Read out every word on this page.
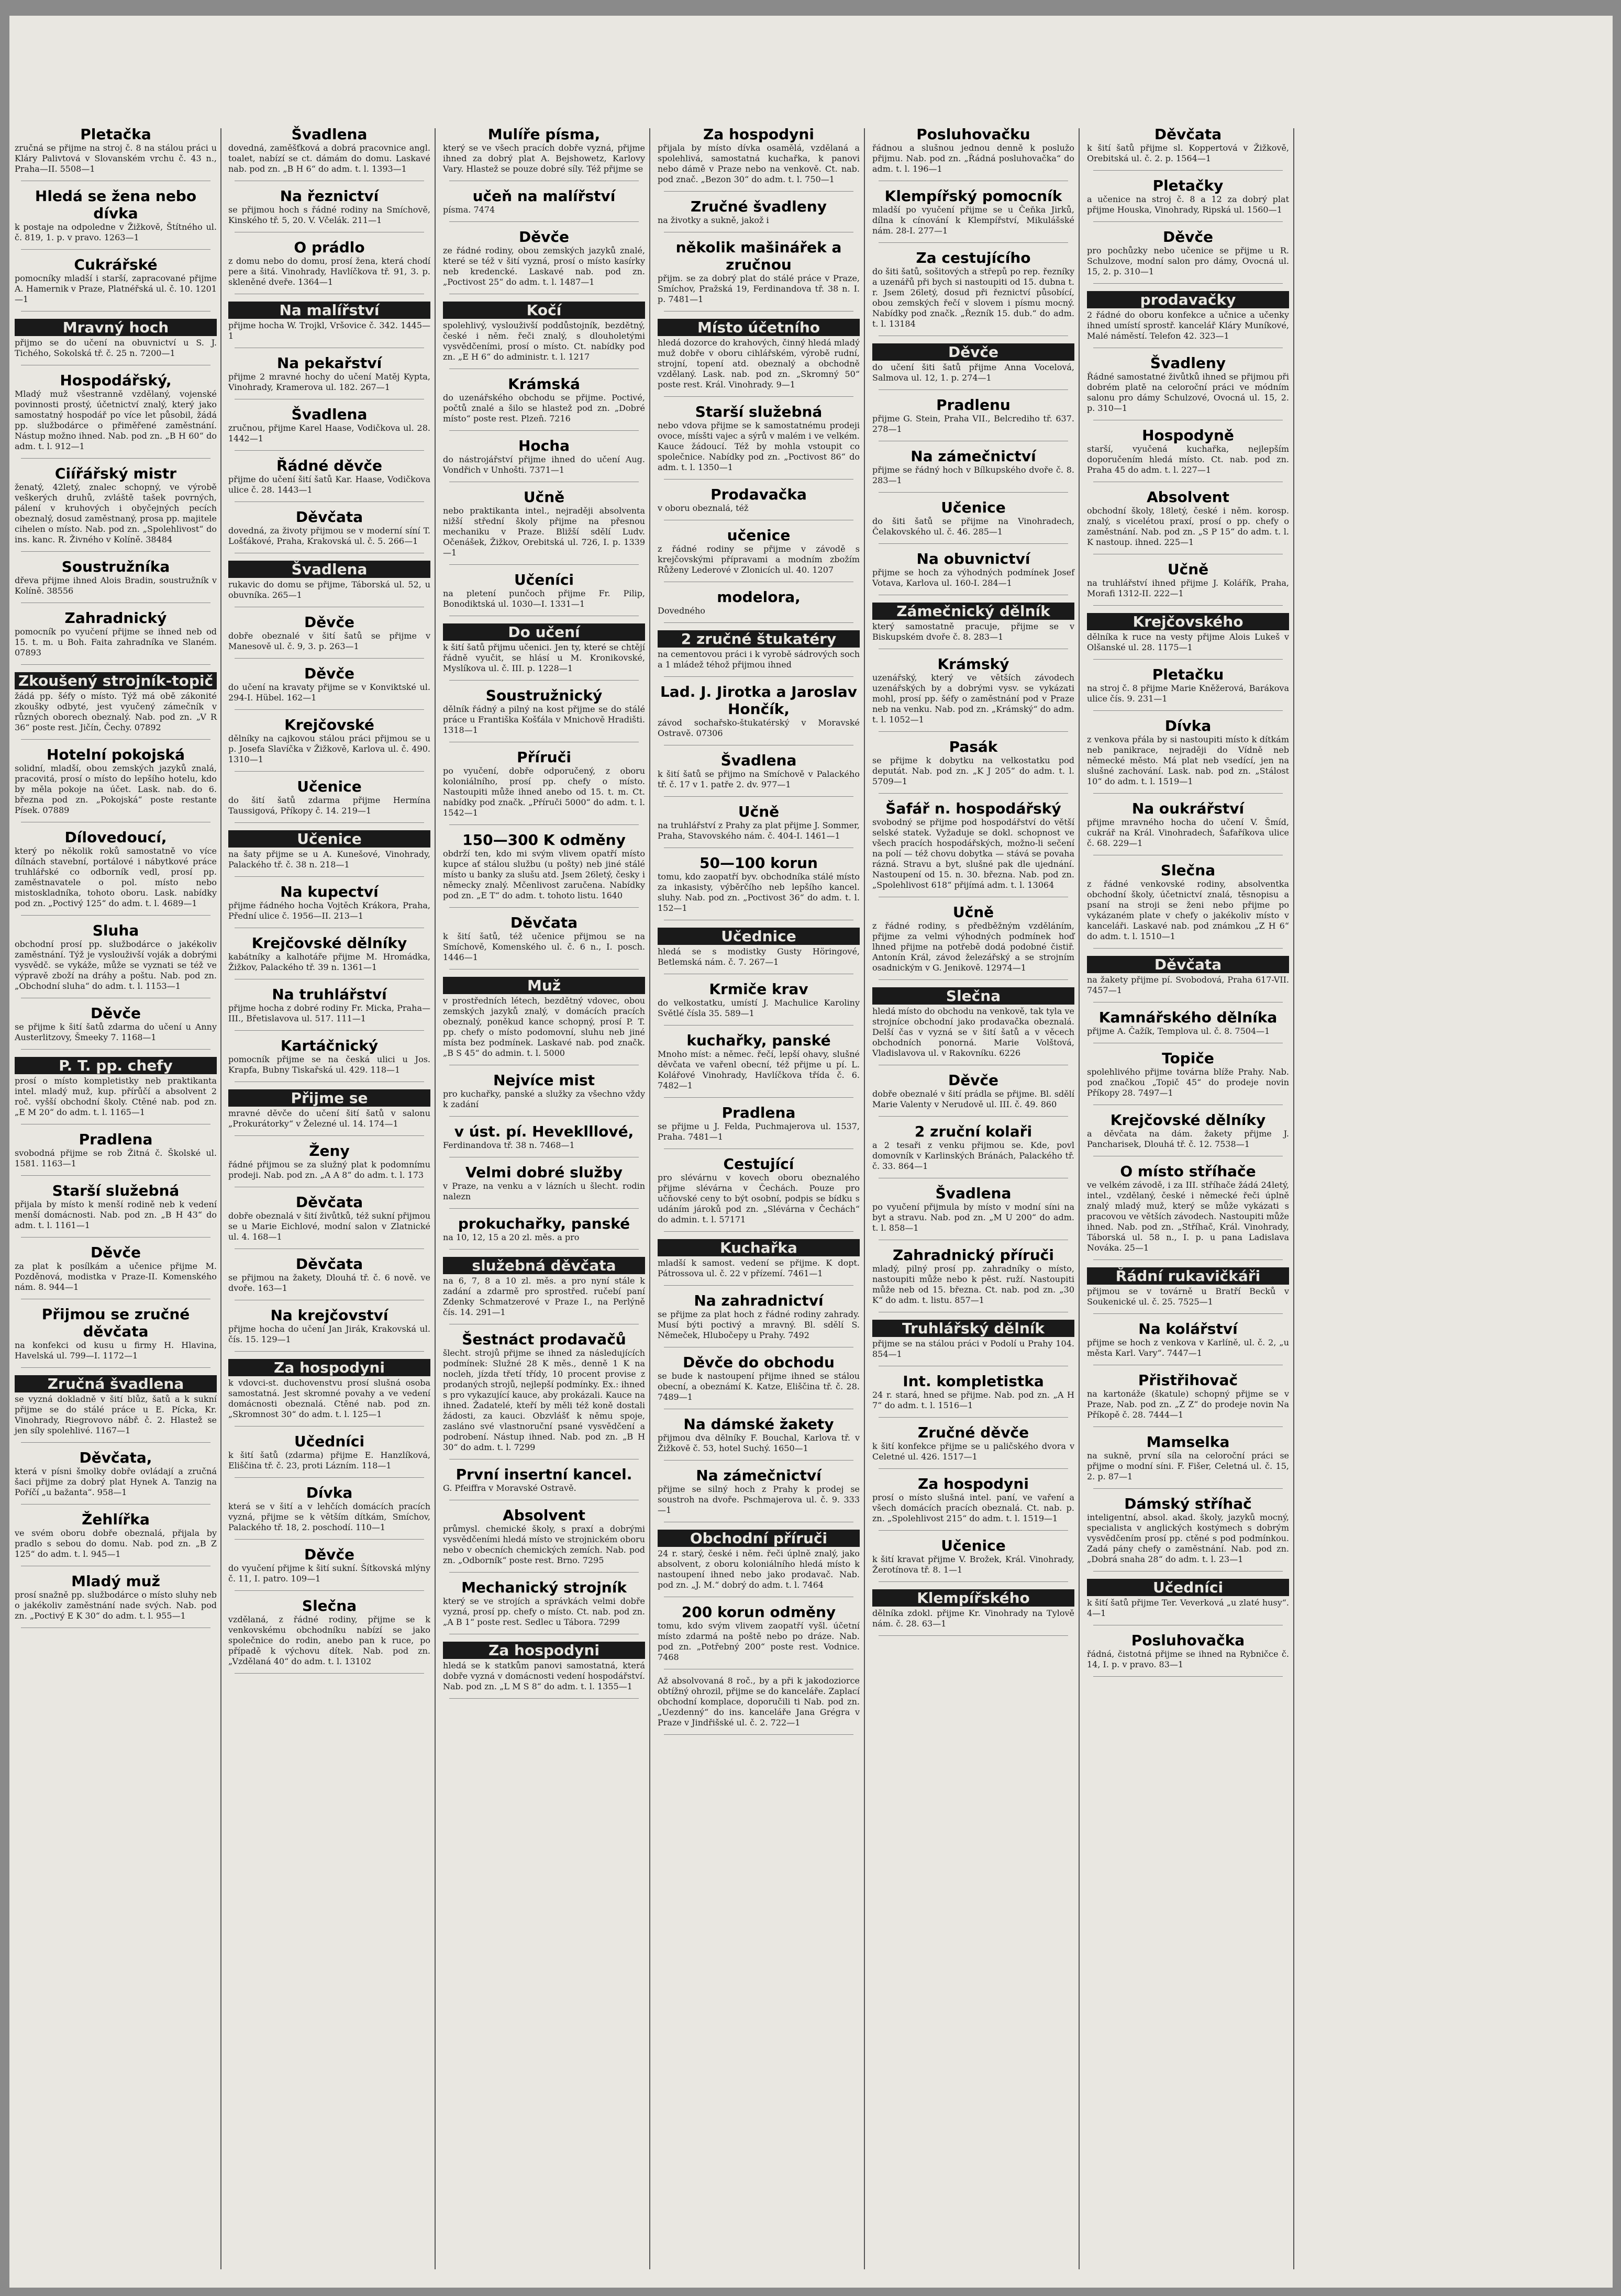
Pletačka
zručná se přijme na stroj č. 8 na stálou práci u Kláry Palivtová v Slovanském vrchu č. 43 n., Praha—II. 5508—1

Hledá se žena nebo dívka
k postaje na odpoledne v Žižkově, Štítného ul. č. 819, 1. p. v pravo. 1263—1

Cukrářské
pomocníky mladší i starší, zapracované přijme A. Hamernik v Praze, Platnéřská ul. č. 10. 1201—1

Mravný hoch
přijmo se do učení na obuvnictví u S. J. Tichého, Sokolská tř. č. 25 n. 7200—1

Hospodářský,
Mladý muž všestranně vzdělaný, vojenské povinnosti prostý, účetnictví znalý, který jako samostatný hospodář po více let působil, žádá pp. službodárce o přiměřené zaměstnání. Nástup možno ihned. Nab. pod zn. „B H 60“ do adm. t. l. 912—1

Ciířářský mistr
ženatý, 42letý, znalec schopný, ve výrobě veškerých druhů, zvláště tašek povrných, pálení v kruhových i obyčejných pecích obeznalý, dosud zaměstnaný, prosa pp. majitele cihelen o místo. Nab. pod zn. „Spolehlivost“ do ins. kanc. R. Živného v Kolíně. 38484

Soustružníka
dřeva přijme ihned Alois Bradin, soustružník v Kolíně. 38556

Zahradnický
pomocník po vyučení přijme se ihned neb od 15. t. m. u Boh. Faita zahradníka ve Slaném. 07893

Zkoušený strojník-topič
žádá pp. šéfy o místo. Týž má obě zákonité zkoušky odbyté, jest vyučený zámečník v různých oborech obeznalý. Nab. pod zn. „V R 36“ poste rest. Jičín, Čechy. 07892

Hotelní pokojská
solidní, mladší, obou zemských jazyků znalá, pracovitá, prosí o místo do lepšího hotelu, kdo by měla pokoje na účet. Lask. nab. do 6. března pod zn. „Pokojská“ poste restante Písek. 07889

Dílovedoucí,
který po několik roků samostatně vo více dílnách stavební, portálové i nábytkové práce truhlářské co odborník vedl, prosí pp. zaměstnavatele o pol. místo nebo mistoskladníka, tohoto oboru. Lask. nabídky pod zn. „Poctivý 125“ do adm. t. l. 4689—1

Sluha
obchodní prosí pp. službodárce o jakékoliv zaměstnání. Týž je vyslouživší voják a dobrými vysvědč. se vykáže, může se vyznati se též ve výpravě zboží na dráhy a poštu. Nab. pod zn. „Obchodní sluha“ do adm. t. l. 1153—1

Děvče
se přijme k šití šatů zdarma do učení u Anny Austerlitzovy, Šmeeky 7. 1168—1

P. T. pp. chefy
prosí o místo kompletistky neb praktikanta intel. mladý muž, kup. přírůčí a absolvent 2 roč. vyšší obchodní školy. Ctěné nab. pod zn. „E M 20“ do adm. t. l. 1165—1

Pradlena
svobodná přijme se rob Žitná č. Školské ul. 1581. 1163—1

Starší služebná
přijala by místo k menší rodině neb k vedení menší domácnosti. Nab. pod zn. „B H 43“ do adm. t. l. 1161—1

Děvče
za plat k posílkám a učenice přijme M. Pozděnová, modistka v Praze-II. Komenského nám. 8. 944—1

Přijmou se zručné děvčata
na konfekci od kusu u firmy H. Hlavina, Havelská ul. 799—I. 1172—1

Zručná švadlena
se vyzná dokladně v šití blůz, šatů a k sukní přijme se do stálé práce u E. Pícka, Kr. Vinohrady, Riegrovovo nábř. č. 2. Hlastež se jen síly spolehlivé. 1167—1

Děvčata,
která v písni šmolky dobře ovládají a zručná šaci přijme za dobrý plat Hynek A. Tanzig na Poříčí „u bažanta“. 958—1

Žehlířka
ve svém oboru dobře obeznalá, přijala by pradlo s sebou do domu. Nab. pod zn. „B Z 125“ do adm. t. l. 945—1

Mladý muž
prosí snažně pp. službodárce o místo sluhy neb o jakékoliv zaměstnání nade svých. Nab. pod zn. „Poctivý E K 30“ do adm. t. l. 955—1

Švadlena
dovedná, zaměšťková a dobrá pracovnice angl. toalet, nabízí se ct. dámám do domu. Laskavé nab. pod zn. „B H 6“ do adm. t. l. 1393—1

Na řeznictví
se přijmou hoch s řádné rodiny na Smíchově, Kinského tř. 5, 20. V. Včelák. 211—1

O prádlo
z domu nebo do domu, prosí žena, která chodí pere a šitá. Vinohrady, Havlíčkova tř. 91, 3. p. skleněné dveře. 1364—1

Na malířství
přijme hocha W. Trojkl, Vršovice č. 342. 1445—1

Na pekařství
přijme 2 mravné hochy do učení Matěj Kypta, Vinohrady, Kramerova ul. 182. 267—1

Švadlena
zručnou, přijme Karel Haase, Vodičkova ul. 28. 1442—1

Řádné děvče
přijme do učení šití šatů Kar. Haase, Vodičkova ulice č. 28. 1443—1

Děvčata
dovedná, za životy přijmou se v moderní síní T. Lošťákové, Praha, Krakovská ul. č. 5. 266—1

Švadlena
rukavic do domu se přijme, Táborská ul. 52, u obuvníka. 265—1

Děvče
dobře obeznalé v šití šatů se přijme v Manesově ul. č. 9, 3. p. 263—1

Děvče
do učení na kravaty přijme se v Konviktské ul. 294-I. Hübel. 162—1

Krejčovské
dělníky na cajkovou stálou práci přijmou se u p. Josefa Slavíčka v Žižkově, Karlova ul. č. 490. 1310—1

Učenice
do šití šatů zdarma přijme Hermína Taussigová, Příkopy č. 14. 219—1

Učenice
na šaty přijme se u A. Kunešové, Vinohrady, Palackého tř. č. 38 n. 218—1

Na kupectví
přijme řádného hocha Vojtěch Krákora, Praha, Přední ulice č. 1956—II. 213—1

Krejčovské dělníky
kabátníky a kalhotáře přijme M. Hromádka, Žižkov, Palackého tř. 39 n. 1361—1

Na truhlářství
přijme hocha z dobré rodiny Fr. Micka, Praha—III., Břetislavova ul. 517. 111—1

Kartáčnický
pomocník přijme se na česká ulici u Jos. Krapfa, Bubny Tiskařská ul. 429. 118—1

Přijme se
mravné děvče do učení šití šatů v salonu „Prokurátorky“ v Železné ul. 14. 174—1

Ženy
řádné přijmou se za služný plat k podomnímu prodeji. Nab. pod zn. „A A 8“ do adm. t. l. 173

Děvčata
dobře obeznalá v šití živůtků, též sukní přijmou se u Marie Eichlové, modní salon v Zlatnické ul. 4. 168—1

Děvčata
se přijmou na žakety, Dlouhá tř. č. 6 nově. ve dvoře. 163—1

Na krejčovství
přijme hocha do učení Jan Jirák, Krakovská ul. čís. 15. 129—1

Za hospodyni
k vdovci-st. duchovenstvu prosí slušná osoba samostatná. Jest skromné povahy a ve vedení domácnosti obeznalá. Ctěné nab. pod zn. „Skromnost 30“ do adm. t. l. 125—1

Učedníci
k šití šatů (zdarma) přijme E. Hanzlíková, Eliščina tř. č. 23, proti Lázním. 118—1

Dívka
která se v šití a v lehčích domácích pracích vyzná, přijme se k větším dítkám, Smíchov, Palackého tř. 18, 2. poschodí. 110—1

Děvče
do vyučení přijme k šití sukní. Šítkovská mlýny č. 11, I. patro. 109—1

Slečna
vzdělaná, z řádné rodiny, přijme se k venkovskému obchodníku nabízí se jako společnice do rodin, anebo pan k ruce, po případě k výchovu dítek. Nab. pod zn. „Vzdělaná 40“ do adm. t. l. 13102

Mulíře písma,
který se ve všech pracích dobře vyzná, přijme ihned za dobrý plat A. Bejshowetz, Karlovy Vary. Hlastež se pouze dobré síly. Též přijme se

učeň na malířství
písma. 7474

Děvče
ze řádné rodiny, obou zemských jazyků znalé, které se též v šití vyzná, prosí o místo kasírky neb kredencké. Laskavé nab. pod zn. „Poctivost 25“ do adm. t. l. 1487—1

Kočí
spolehlivý, vyslouživší poddůstojník, bezdětný, české i něm. řeči znalý, s dlouholetými vysvědčeními, prosí o místo. Ct. nabídky pod zn. „E H 6“ do administr. t. l. 1217

Krámská
do uzenářského obchodu se přijme. Poctivé, počtů znalé a šilo se hlastež pod zn. „Dobré místo“ poste rest. Plzeň. 7216

Hocha
do nástrojářství přijme ihned do učení Aug. Vondřich v Unhošti. 7371—1

Učně
nebo praktikanta intel., nejraději absolventa nižší střední školy přijme na přesnou mechaniku v Praze. Bližší sdělí Ludv. Očenášek, Žižkov, Orebitská ul. 726, I. p. 1339—1

Učeníci
na pletení punčoch přijme Fr. Pilip, Bonodiktská ul. 1030—I. 1331—1

Do učení
k šití šatů přijmu učenici. Jen ty, které se chtějí řádně vyučit, se hlásí u M. Kronikovské, Myslíkova ul. č. III. p. 1228—1

Soustružnický
dělník řádný a pilný na kost přijme se do stálé práce u Františka Košťála v Mnichově Hradišti. 1318—1

Příruči
po vyučení, dobře odporučený, z oboru koloniálního, prosí pp. chefy o místo. Nastoupiti může ihned anebo od 15. t. m. Ct. nabídky pod značk. „Příruči 5000“ do adm. t. l. 1542—1

150—300 K odměny
obdrží ten, kdo mi svým vlivem opatří místo kupce ať stálou službu (u pošty) neb jiné stálé místo u banky za slušu atd. Jsem 26letý, česky i německy znalý. Mčenlivost zaručena. Nabídky pod zn. „E T“ do adm. t. tohoto listu. 1640

Děvčata
k šití šatů, též učenice přijmou se na Smíchově, Komenského ul. č. 6 n., I. posch. 1446—1

Muž
v prostředních létech, bezdětný vdovec, obou zemských jazyků znalý, v domácích pracích obeznalý, poněkud kance schopný, prosí P. T. pp. chefy o místo podomovní, sluhu neb jiné místa bez podmínek. Laskavé nab. pod značk. „B S 45“ do admin. t. l. 5000

Nejvíce mist
pro kuchařky, panské a služky za všechno vždy k zadání

v úst. pí. Heveklllové,
Ferdinandova tř. 38 n. 7468—1

Velmi dobré služby
v Praze, na venku a v lázních u šlecht. rodin nalezn

prokuchařky, panské
na 10, 12, 15 a 20 zl. měs. a pro

služebná děvčata
na 6, 7, 8 a 10 zl. měs. a pro nyní stále k zadání a zdarmě pro sprostřed. ručebí paní Zdenky Schmatzerové v Praze I., na Perlýně čís. 14. 291—1

Šestnáct prodavačů
šlecht. strojů přijme se ihned za následujících podmínek: Služné 28 K měs., denně 1 K na nocleh, jízda třetí třídy, 10 procent provise z prodaných strojů, nejlepší podmínky. Ex.: ihned s pro vykazující kauce, aby prokázali. Kauce na ihned. Žadatelé, kteří by měli též koně dostali žádosti, za kauci. Obzvlášť k němu spoje, zasláno své vlastnoruční psané vysvědčení a podrobení. Nástup ihned. Nab. pod zn. „B H 30“ do adm. t. l. 7299

První insertní kancel.
G. Pfeiffra v Moravské Ostravě.

Absolvent
průmysl. chemické školy, s praxí a dobrými vysvědčeními hledá místo ve strojnickém oboru nebo v obecních chemických zemích. Nab. pod zn. „Odborník“ poste rest. Brno. 7295

Mechanický strojník
který se ve strojích a správkách velmi dobře vyzná, prosí pp. chefy o místo. Ct. nab. pod zn. „A B 1“ poste rest. Sedlec u Tábora. 7299

Za hospodyni
hledá se k statkům panovi samostatná, která dobře vyzná v domácnosti vedení hospodářství. Nab. pod zn. „L M S 8“ do adm. t. l. 1355—1

Za hospodyni
přijala by místo dívka osamělá, vzdělaná a spolehlivá, samostatná kuchařka, k panovi nebo dámě v Praze nebo na venkově. Ct. nab. pod znač. „Bezon 30“ do adm. t. l. 750—1

Zručné švadleny
na životky a sukně, jakož i

několik mašinářek a zručnou
přijm. se za dobrý plat do stálé práce v Praze, Smíchov, Pražská 19, Ferdinandova tř. 38 n. I. p. 7481—1

Místo účetního
hledá dozorce do krahových, činný hledá mladý muž dobře v oboru cihlářském, výrobě rudní, strojní, topení atd. obeznalý a obchodně vzdělaný. Lask. nab. pod zn. „Skromný 50“ poste rest. Král. Vinohrady. 9—1

Starší služebná
nebo vdova přijme se k samostatnému prodeji ovoce, mísšti vajec a sýrů v malém i ve velkém. Kauce žádoucí. Též by mohla vstoupit co společnice. Nabídky pod zn. „Poctivost 86“ do adm. t. l. 1350—1

Prodavačka
v oboru obeznalá, též

učenice
z řádné rodiny se přijme v závodě s krejčovskými přípravami a modním zbožím Růženy Lederové v Zlonicích ul. 40. 1207

modelora,
Dovedného

2 zručné štukatéry
na cementovou práci i k vyrobě sádrových soch a 1 mládež téhož přijmou ihned

Lad. J. Jirotka a Jaroslav Hončík,
závod sochařsko-štukatérský v Moravské Ostravě. 07306

Švadlena
k šití šatů se přijmo na Smíchově v Palackého tř. č. 17 v 1. patře 2. dv. 977—1

Učně
na truhlářství z Prahy za plat přijme J. Sommer, Praha, Stavovského nám. č. 404-I. 1461—1

50—100 korun
tomu, kdo zaopatří byv. obchodníka stálé místo za inkasisty, výběrčího neb lepšího kancel. sluhy. Nab. pod zn. „Poctivost 36“ do adm. t. l. 152—1

Učednice
hledá se s modistky Gusty Höringové, Betlemská nám. č. 7. 267—1

Krmiče krav
do velkostatku, umístí J. Machulice Karoliny Světlé čísla 35. 589—1

kuchařky, panské
Mnoho míst: a němec. řečí, lepší ohavy, slušné děvčata ve vařenl obecní, též přijme u pí. L. Kolářové Vinohrady, Havlíčkova třída č. 6. 7482—1

Pradlena
se přijme u J. Felda, Puchmajerova ul. 1537, Praha. 7481—1

Cestující
pro slévárnu v kovech oboru obeznalého přijme slévárna v Čechách. Pouze pro učňovské ceny to být osobní, podpis se bídku s udáním jároků pod zn. „Slévárna v Čechách“ do admin. t. l. 57171

Kuchařka
mladší k samost. vedení se přijme. K dopt. Pátrossova ul. č. 22 v přízemí. 7461—1

Na zahradnictví
se přijme za plat hoch z řádné rodiny zahrady. Musí býti poctivý a mravný. Bl. sdělí S. Němeček, Hlubočepy u Prahy. 7492

Děvče do obchodu
se bude k nastoupení přijme ihned se stálou obecní, a obeznámí K. Katze, Eliščina tř. č. 28. 7489—1

Na dámské žakety
přijmou dva dělníky F. Bouchal, Karlova tř. v Žižkově č. 53, hotel Suchý. 1650—1

Na zámečnictví
přijme se silný hoch z Prahy k prodej se soustroh na dvoře. Pschmajerova ul. č. 9. 333—1

Obchodní příruči
24 r. starý, české i něm. řeči úplně znalý, jako absolvent, z oboru koloniálního hledá místo k nastoupení ihned nebo jako prodavač. Nab. pod zn. „J. M.“ dobrý do adm. t. l. 7464

200 korun odměny
tomu, kdo svým vlivem zaopatří vyšl. účetní místo zdarmá na poště nebo po dráze. Nab. pod zn. „Potřebný 200“ poste rest. Vodnice. 7468

Až absolvovaná 8 roč., by a při k jakodoziorce obtížný ohrozil, přijme se do kanceláře. Zaplací obchodní komplace, doporučili ti Nab. pod zn. „Uezdenný“ do ins. kanceláře Jana Grégra v Praze v Jindřišské ul. č. 2. 722—1

Posluhovačku
řádnou a slušnou jednou denně k poslužo přijmu. Nab. pod zn. „Řádná posluhovačka“ do adm. t. l. 196—1

Klempířský pomocník
mladší po vyučení přijme se u Čeňka Jirků, dílna k cínování k Klempířství, Mikulášské nám. 28-I. 277—1

Za cestujícího
do šiti šatů, sošitových a střepů po rep. řezníky a uzenářů při bych si nastoupiti od 15. dubna t. r. Jsem 26letý, dosud při řeznictví působící, obou zemských řečí v slovem i písmu mocný. Nabídky pod značk. „Řezník 15. dub.“ do adm. t. l. 13184

Děvče
do učení šiti šatů přijme Anna Vocelová, Salmova ul. 12, 1. p. 274—1

Pradlenu
přijme G. Stein, Praha VII., Belcrediho tř. 637. 278—1

Na zámečnictví
přijme se řádný hoch v Bílkupského dvoře č. 8. 283—1

Učenice
do šiti šatů se přijme na Vinohradech, Čelakovského ul. č. 46. 285—1

Na obuvnictví
přijme se hoch za výhodných podmínek Josef Votava, Karlova ul. 160-I. 284—1

Zámečnický dělník
který samostatně pracuje, přijme se v Biskupském dvoře č. 8. 283—1

Krámský
uzenářský, který ve větších závodech uzenářských by a dobrými vysv. se vykázati mohl, prosí pp. šéfy o zaměstnání pod v Praze neb na venku. Nab. pod zn. „Krámský“ do adm. t. l. 1052—1

Pasák
se přijme k dobytku na velkostatku pod deputát. Nab. pod zn. „K J 205“ do adm. t. l. 5709—1

Šafář n. hospodářský
svobodný se přijme pod hospodářství do větší selské statek. Vyžaduje se dokl. schopnost ve všech pracích hospodářských, možno-li sečení na polí — též chovu dobytka — stává se povaha rázná. Stravu a byt, slušné pak dle ujednání. Nastoupení od 15. n. 30. března. Nab. pod zn. „Spolehlivost 618“ přijímá adm. t. l. 13064

Učně
z řádné rodiny, s předběžným vzděláním, přijme za velmi výhodných podmínek hoď lhned přijme na potřebě dodá podobné čistiř. Antonín Král, závod železářský a se strojním osadnickým v G. Jenikově. 12974—1

Slečna
hledá místo do obchodu na venkově, tak tyla ve strojníce obchodní jako prodavačka obeznalá. Delší čas v vyzná se v šití šatů a v věcech obchodních ponorná. Marie Volštová, Vladislavova ul. v Rakovníku. 6226

Děvče
dobře obeznalé v šití prádla se přijme. Bl. sdělí Marie Valenty v Nerudově ul. III. č. 49. 860

2 zruční kolaři
a 2 tesaři z venku přijmou se. Kde, povl domovník v Karlinských Bránách, Palackého tř. č. 33. 864—1

Švadlena
po vyučení přijmula by místo v modní síni na byt a stravu. Nab. pod zn. „M U 200“ do adm. t. l. 858—1

Zahradnický příruči
mladý, pilný prosí pp. zahradníky o místo, nastoupiti může nebo k pěst. ruží. Nastoupiti může neb od 15. března. Ct. nab. pod zn. „30 K“ do adm. t. listu. 857—1

Truhlářský dělník
přijme se na stálou práci v Podolí u Prahy 104. 854—1

Int. kompletistka
24 r. stará, hned se přijme. Nab. pod zn. „A H 7“ do adm. t. l. 1516—1

Zručné děvče
k šití konfekce přijme se u paličského dvora v Celetné ul. 426. 1517—1

Za hospodyni
prosí o místo slušná intel. paní, ve vaření a všech domácích pracích obeznalá. Ct. nab. p. zn. „Spolehlivost 215“ do adm. t. l. 1519—1

Učenice
k šití kravat přijme V. Brožek, Král. Vinohrady, Žerotínova tř. 8. 1—1

Klempířského
dělníka zdokl. přijme Kr. Vinohrady na Tylově nám. č. 28. 63—1

Děvčata
k šití šatů přijme sl. Koppertová v Žižkově, Orebitská ul. č. 2. p. 1564—1

Pletačky
a učenice na stroj č. 8 a 12 za dobrý plat přijme Houska, Vinohrady, Ripská ul. 1560—1

Děvče
pro pochůzky nebo učenice se přijme u R. Schulzove, modní salon pro dámy, Ovocná ul. 15, 2. p. 310—1

prodavačky
2 řádné do oboru konfekce a učnice a učenky ihned umístí sprostř. kancelář Kláry Muníkové, Malé náměstí. Telefon 42. 323—1

Švadleny
Řádné samostatné živůtků ihned se přijmou při dobrém platě na celoroční práci ve módním salonu pro dámy Schulzové, Ovocná ul. 15, 2. p. 310—1

Hospodyně
starší, vyučená kuchařka, nejlepším doporučením hledá místo. Ct. nab. pod zn. Praha 45 do adm. t. l. 227—1

Absolvent
obchodní školy, 18letý, české i něm. korosp. znalý, s vicelétou praxí, prosí o pp. chefy o zaměstnání. Nab. pod zn. „S P 15“ do adm. t. l. K nastoup. ihned. 225—1

Učně
na truhlářství ihned přijme J. Kolářík, Praha, Morafi 1312-II. 222—1

Krejčovského
dělníka k ruce na vesty přijme Alois Lukeš v Olšanské ul. 28. 1175—1

Pletačku
na stroj č. 8 přijme Marie Kněžerová, Barákova ulice čís. 9. 231—1

Dívka
z venkova přála by si nastoupiti místo k dítkám neb panikrace, nejraději do Vídně neb německé město. Má plat neb vsedící, jen na slušné zachování. Lask. nab. pod zn. „Stálost 10“ do adm. t. l. 1519—1

Na oukrářství
přijme mravného hocha do učení V. Šmíd, cukrář na Král. Vinohradech, Šafaříkova ulice č. 68. 229—1

Slečna
z řádné venkovské rodiny, absolventka obchodní školy, účetnictví znalá, těsnopisu a psaní na stroji se ženi nebo přijme po vykázaném plate v chefy o jakékoliv místo v kanceláři. Laskavé nab. pod známkou „Z H 6“ do adm. t. l. 1510—1

Děvčata
na žakety přijme pí. Svobodová, Praha 617-VII. 7457—1

Kamnářského dělníka
přijme A. Čažík, Templova ul. č. 8. 7504—1

Topiče
spolehlivého přijme továrna blíže Prahy. Nab. pod značkou „Topič 45“ do prodeje novin Příkopy 28. 7497—1

Krejčovské dělníky
a děvčata na dám. žakety přijme J. Pancharisek, Dlouhá tř. č. 12. 7538—1

O místo stříhače
ve velkém závodě, i za III. stříhače žádá 24letý, intel., vzdělaný, české i německé řeči úplně znalý mladý muž, který se může vykázati s pracovou ve větších závodech. Nastoupiti může ihned. Nab. pod zn. „Stříhač, Král. Vinohrady, Táborská ul. 58 n., I. p. u pana Ladislava Nováka. 25—1

Řádní rukavičkáři
přijmou se v továrně u Bratří Becků v Soukenické ul. č. 25. 7525—1

Na kolářství
přijme se hoch z venkova v Karlíně, ul. č. 2, „u města Karl. Vary“. 7447—1

Přistřihovač
na kartonáže (škatule) schopný přijme se v Praze, Nab. pod zn. „Z Z“ do prodeje novin Na Příkopě č. 28. 7444—1

Mamselka
na sukně, první síla na celoroční práci se přijme o modní síni. F. Fišer, Celetná ul. č. 15, 2. p. 87—1

Dámský stříhač
inteligentní, absol. akad. školy, jazyků mocný, specialista v anglických kostýmech s dobrým vysvědčením prosí pp. ctěné s pod podmínkou. Zadá pány chefy o zaměstnání. Nab. pod zn. „Dobrá snaha 28“ do adm. t. l. 23—1

Učedníci
k šití šatů přijme Ter. Veverková „u zlaté husy“. 4—1

Posluhovačka
řádná, čistotná přijme se ihned na Rybničce č. 14, I. p. v pravo. 83—1
